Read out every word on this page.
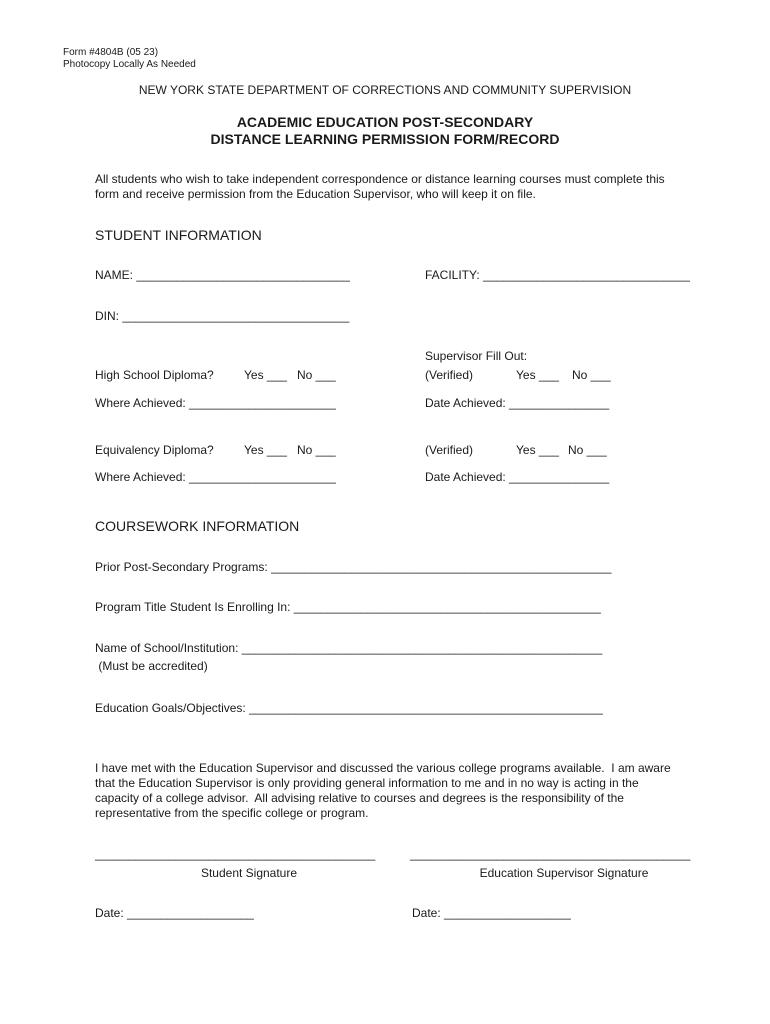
Form #4804B (05 23)
Photocopy Locally As Needed
NEW YORK STATE DEPARTMENT OF CORRECTIONS AND COMMUNITY SUPERVISION
ACADEMIC EDUCATION POST-SECONDARY
DISTANCE LEARNING PERMISSION FORM/RECORD
All students who wish to take independent correspondence or distance learning courses must complete this
form and receive permission from the Education Supervisor, who will keep it on file.
STUDENT INFORMATION
NAME: ________________________________	FACILITY: _______________________________
DIN: __________________________________
Supervisor Fill Out:
High School Diploma?	Yes ___ No ___	(Verified)	Yes ___ No ___
Where Achieved: ______________________	Date Achieved: _______________
Equivalency Diploma?	Yes ___ No ___	(Verified)	Yes ___ No ___
Where Achieved: ______________________	Date Achieved: _______________
COURSEWORK INFORMATION
Prior Post-Secondary Programs: ___________________________________________________
Program Title Student Is Enrolling In: ______________________________________________
Name of School/Institution: ______________________________________________________
(Must be accredited)
Education Goals/Objectives: _____________________________________________________
I have met with the Education Supervisor and discussed the various college programs available.  I am aware
that the Education Supervisor is only providing general information to me and in no way is acting in the
capacity of a college advisor.  All advising relative to courses and degrees is the responsibility of the
representative from the specific college or program.
__________________________________________	__________________________________________
Student Signature	Education Supervisor Signature
Date: ___________________	Date: ___________________
